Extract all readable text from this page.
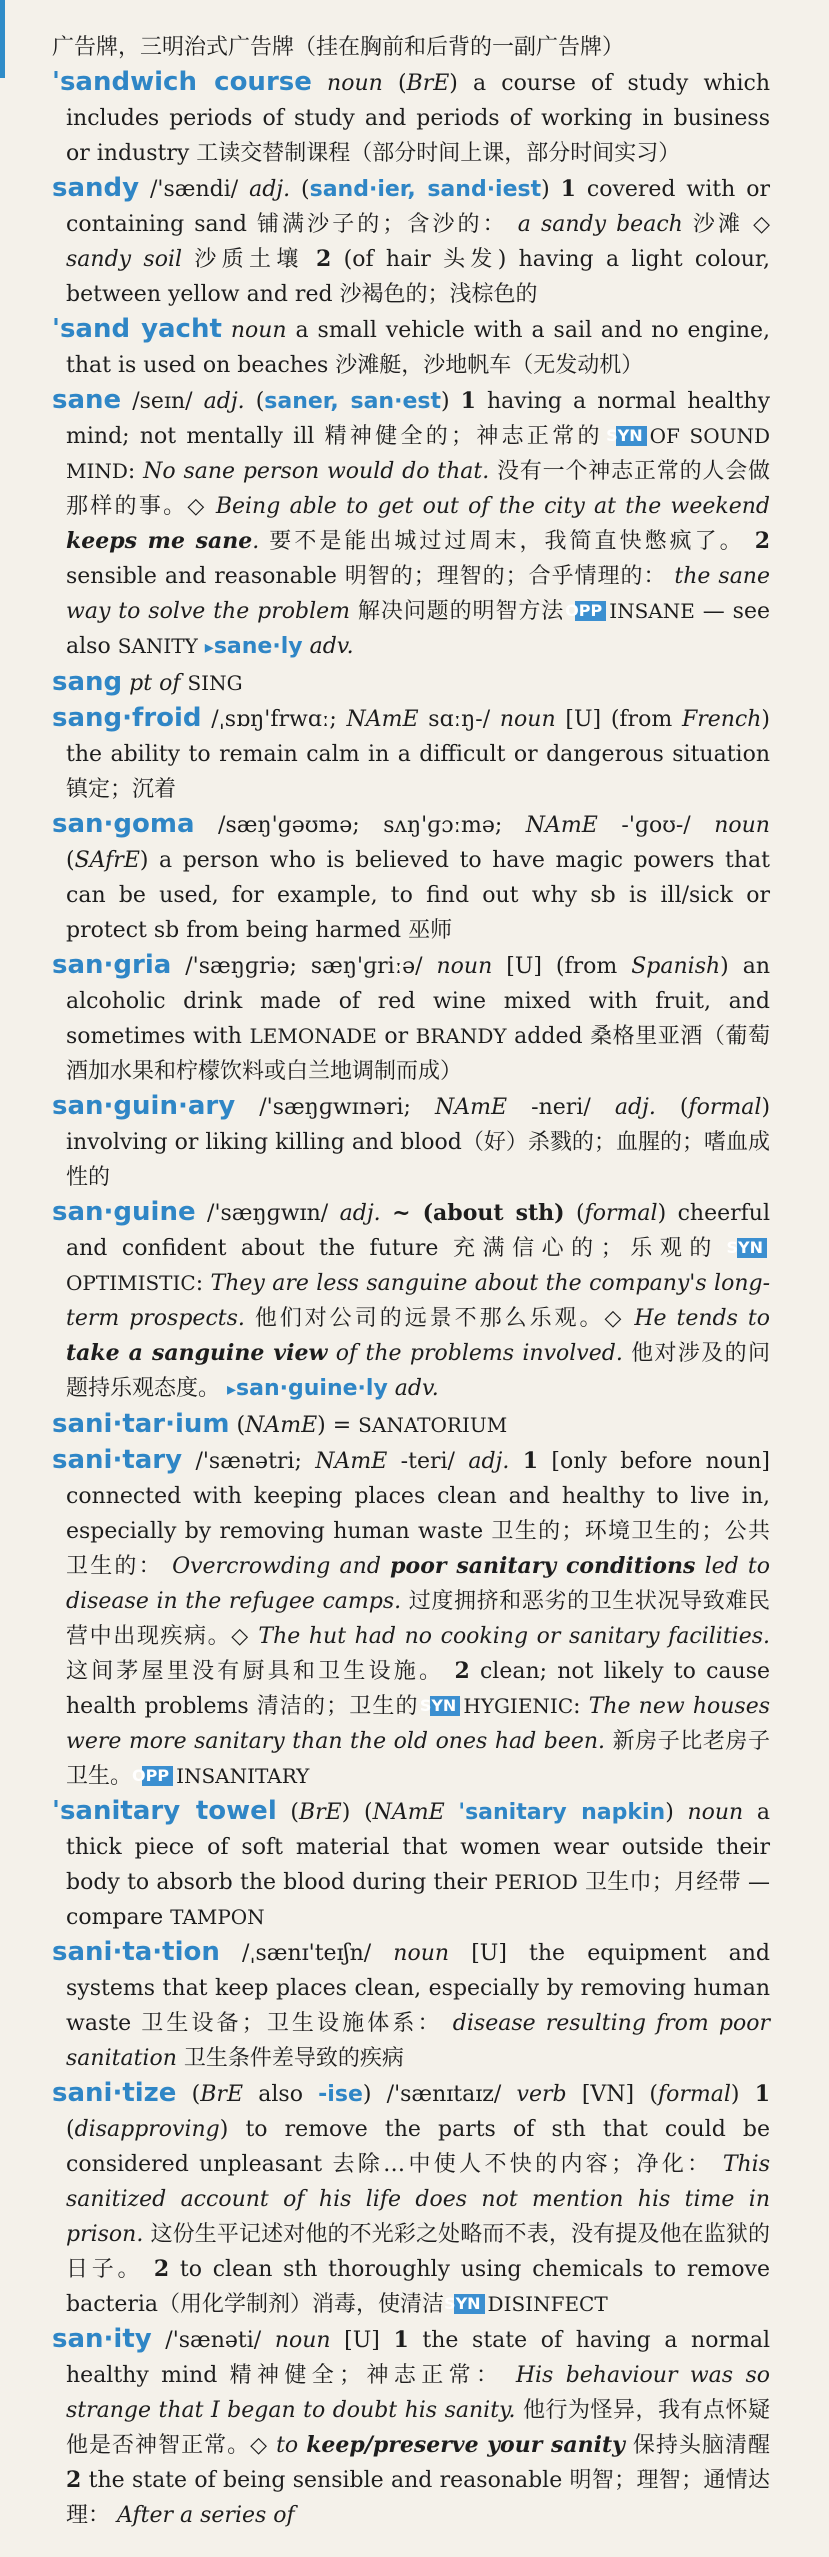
广告牌，三明治式广告牌（挂在胸前和后背的一副广告牌）

'sandwich course noun (BrE) a course of study which includes periods of study and periods of working in business or industry 工读交替制课程（部分时间上课，部分时间实习）

sandy /'sændi/ adj. (sand·ier, sand·iest) 1 covered with or containing sand 铺满沙子的；含沙的： a sandy beach 沙滩 ◇ sandy soil 沙质土壤 2 (of hair 头发) having a light colour, between yellow and red 沙褐色的；浅棕色的

'sand yacht noun a small vehicle with a sail and no engine, that is used on beaches 沙滩艇，沙地帆车（无发动机）

sane /seɪn/ adj. (saner, san·est) 1 having a normal healthy mind; not mentally ill 精神健全的；神志正常的 SYN OF SOUND MIND: No sane person would do that. 没有一个神志正常的人会做那样的事。◇ Being able to get out of the city at the weekend keeps me sane. 要不是能出城过过周末，我简直快憋疯了。 2 sensible and reasonable 明智的；理智的；合乎情理的： the sane way to solve the problem 解决问题的明智方法 OPP INSANE — see also SANITY ▸sane·ly adv.

sang pt of SING

sang·froid /ˌsɒŋ'frwɑː; NAmE sɑːŋ-/ noun [U] (from French) the ability to remain calm in a difficult or dangerous situation 镇定；沉着

san·goma /sæŋ'ɡəʊmə; sʌŋ'ɡɔːmə; NAmE -'ɡoʊ-/ noun (SAfrE) a person who is believed to have magic powers that can be used, for example, to find out why sb is ill/sick or protect sb from being harmed 巫师

san·gria /'sæŋɡriə; sæŋ'ɡriːə/ noun [U] (from Spanish) an alcoholic drink made of red wine mixed with fruit, and sometimes with LEMONADE or BRANDY added 桑格里亚酒（葡萄酒加水果和柠檬饮料或白兰地调制而成）

san·guin·ary /'sæŋɡwɪnəri; NAmE -neri/ adj. (formal) involving or liking killing and blood（好）杀戮的；血腥的；嗜血成性的

san·guine /'sæŋɡwɪn/ adj. ~ (about sth) (formal) cheerful and confident about the future 充满信心的；乐观的 SYNOPTIMISTIC: They are less sanguine about the company's long-term prospects. 他们对公司的远景不那么乐观。◇ He tends to take a sanguine view of the problems involved. 他对涉及的问题持乐观态度。 ▸san·guine·ly adv.

sani·tar·ium (NAmE) = SANATORIUM

sani·tary /'sænətri; NAmE -teri/ adj. 1 [only before noun] connected with keeping places clean and healthy to live in, especially by removing human waste 卫生的；环境卫生的；公共卫生的： Overcrowding and poor sanitary conditions led to disease in the refugee camps. 过度拥挤和恶劣的卫生状况导致难民营中出现疾病。◇ The hut had no cooking or sanitary facilities. 这间茅屋里没有厨具和卫生设施。 2 clean; not likely to cause health problems 清洁的；卫生的 SYN HYGIENIC: The new houses were more sanitary than the old ones had been. 新房子比老房子卫生。 OPP INSANITARY

'sanitary towel (BrE) (NAmE 'sanitary napkin) noun a thick piece of soft material that women wear outside their body to absorb the blood during their PERIOD 卫生巾；月经带 — compare TAMPON

sani·ta·tion /ˌsænɪ'teɪʃn/ noun [U] the equipment and systems that keep places clean, especially by removing human waste 卫生设备；卫生设施体系： disease resulting from poor sanitation 卫生条件差导致的疾病

sani·tize (BrE also -ise) /'sænɪtaɪz/ verb [VN] (formal) 1 (disapproving) to remove the parts of sth that could be considered unpleasant 去除…中使人不快的内容；净化： This sanitized account of his life does not mention his time in prison. 这份生平记述对他的不光彩之处略而不表，没有提及他在监狱的日子。 2 to clean sth thoroughly using chemicals to remove bacteria（用化学制剂）消毒，使清洁 SYN DISINFECT

san·ity /'sænəti/ noun [U] 1 the state of having a normal healthy mind 精神健全；神志正常： His behaviour was so strange that I began to doubt his sanity. 他行为怪异，我有点怀疑他是否神智正常。◇ to keep/preserve your sanity 保持头脑清醒 2 the state of being sensible and reasonable 明智；理智；通情达理： After a series of
